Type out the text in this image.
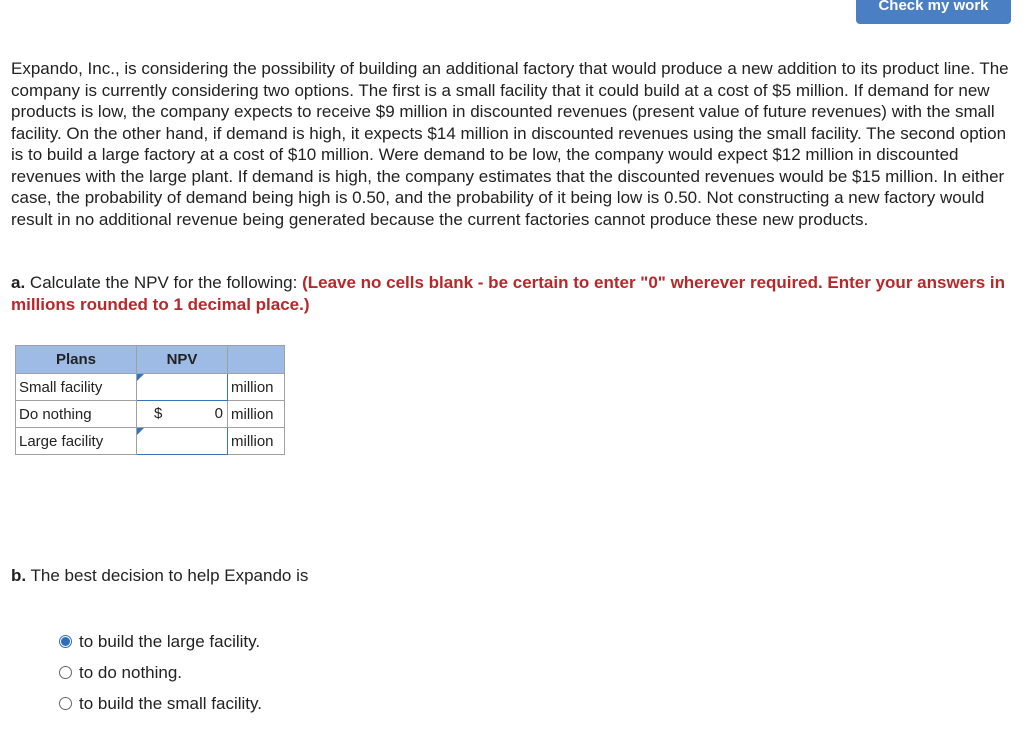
Check my work

Expando, Inc., is considering the possibility of building an additional factory that would produce a new addition to its product line. The company is currently considering two options. The first is a small facility that it could build at a cost of $5 million. If demand for new products is low, the company expects to receive $9 million in discounted revenues (present value of future revenues) with the small facility. On the other hand, if demand is high, it expects $14 million in discounted revenues using the small facility. The second option is to build a large factory at a cost of $10 million. Were demand to be low, the company would expect $12 million in discounted revenues with the large plant. If demand is high, the company estimates that the discounted revenues would be $15 million. In either case, the probability of demand being high is 0.50, and the probability of it being low is 0.50. Not constructing a new factory would result in no additional revenue being generated because the current factories cannot produce these new products.

a. Calculate the NPV for the following: (Leave no cells blank - be certain to enter "0" wherever required. Enter your answers in millions rounded to 1 decimal place.)

Plans	NPV	
Small facility		million
Do nothing	$ 0	million
Large facility		million

b. The best decision to help Expando is

to build the large facility.
to do nothing.
to build the small facility.
